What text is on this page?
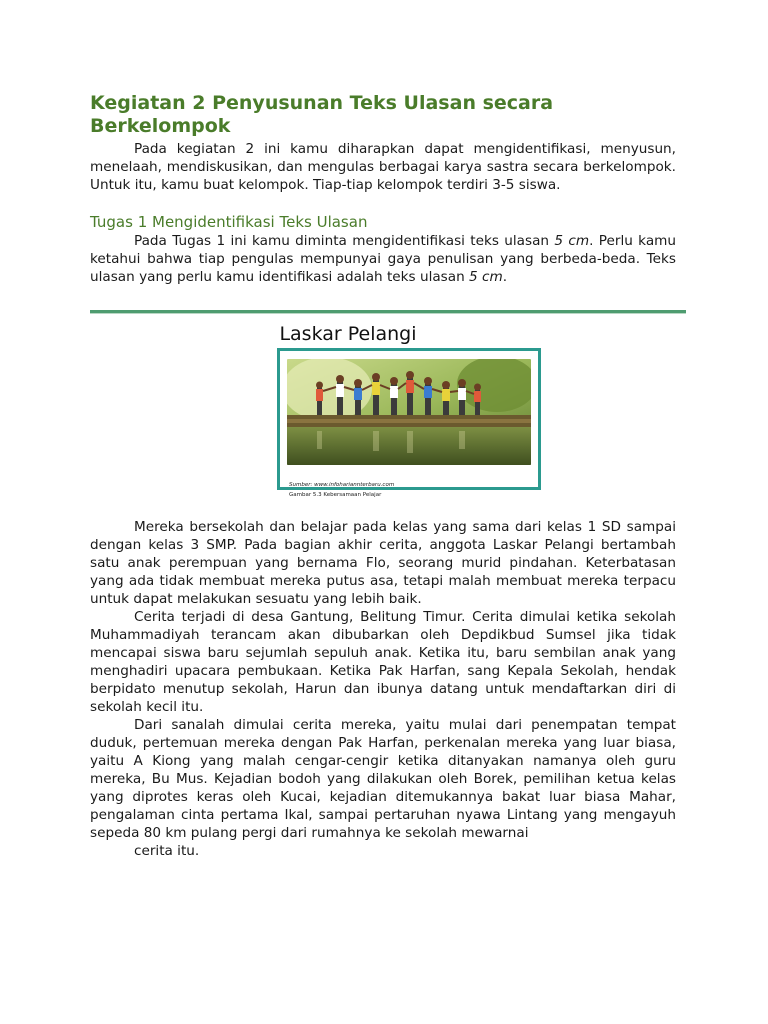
Kegiatan 2 Penyusunan Teks Ulasan secara Berkelompok

Pada kegiatan 2 ini kamu diharapkan dapat mengidentifikasi, menyusun, menelaah, mendiskusikan, dan mengulas berbagai karya sastra secara berkelompok. Untuk itu, kamu buat kelompok. Tiap-tiap kelompok terdiri 3-5 siswa.

Tugas 1 Mengidentifikasi Teks Ulasan

Pada Tugas 1 ini kamu diminta mengidentifikasi teks ulasan 5 cm. Perlu kamu ketahui bahwa tiap pengulas mempunyai gaya penulisan yang berbeda-beda. Teks ulasan yang perlu kamu identifikasi adalah teks ulasan 5 cm.

Laskar Pelangi
Sumber: www.infohariannterbaru.com
Gambar 5.3 Kebersamaan Pelajar

Mereka bersekolah dan belajar pada kelas yang sama dari kelas 1 SD sampai dengan kelas 3 SMP. Pada bagian akhir cerita, anggota Laskar Pelangi bertambah satu anak perempuan yang bernama Flo, seorang murid pindahan. Keterbatasan yang ada tidak membuat mereka putus asa, tetapi malah membuat mereka terpacu untuk dapat melakukan sesuatu yang lebih baik.

Cerita terjadi di desa Gantung, Belitung Timur. Cerita dimulai ketika sekolah Muhammadiyah terancam akan dibubarkan oleh Depdikbud Sumsel jika tidak mencapai siswa baru sejumlah sepuluh anak. Ketika itu, baru sembilan anak yang menghadiri upacara pembukaan. Ketika Pak Harfan, sang Kepala Sekolah, hendak berpidato menutup sekolah, Harun dan ibunya datang untuk mendaftarkan diri di sekolah kecil itu.

Dari sanalah dimulai cerita mereka, yaitu mulai dari penempatan tempat duduk, pertemuan mereka dengan Pak Harfan, perkenalan mereka yang luar biasa, yaitu A Kiong yang malah cengar-cengir ketika ditanyakan namanya oleh guru mereka, Bu Mus. Kejadian bodoh yang dilakukan oleh Borek, pemilihan ketua kelas yang diprotes keras oleh Kucai, kejadian ditemukannya bakat luar biasa Mahar, pengalaman cinta pertama Ikal, sampai pertaruhan nyawa Lintang yang mengayuh sepeda 80 km pulang pergi dari rumahnya ke sekolah mewarnai

cerita itu.
